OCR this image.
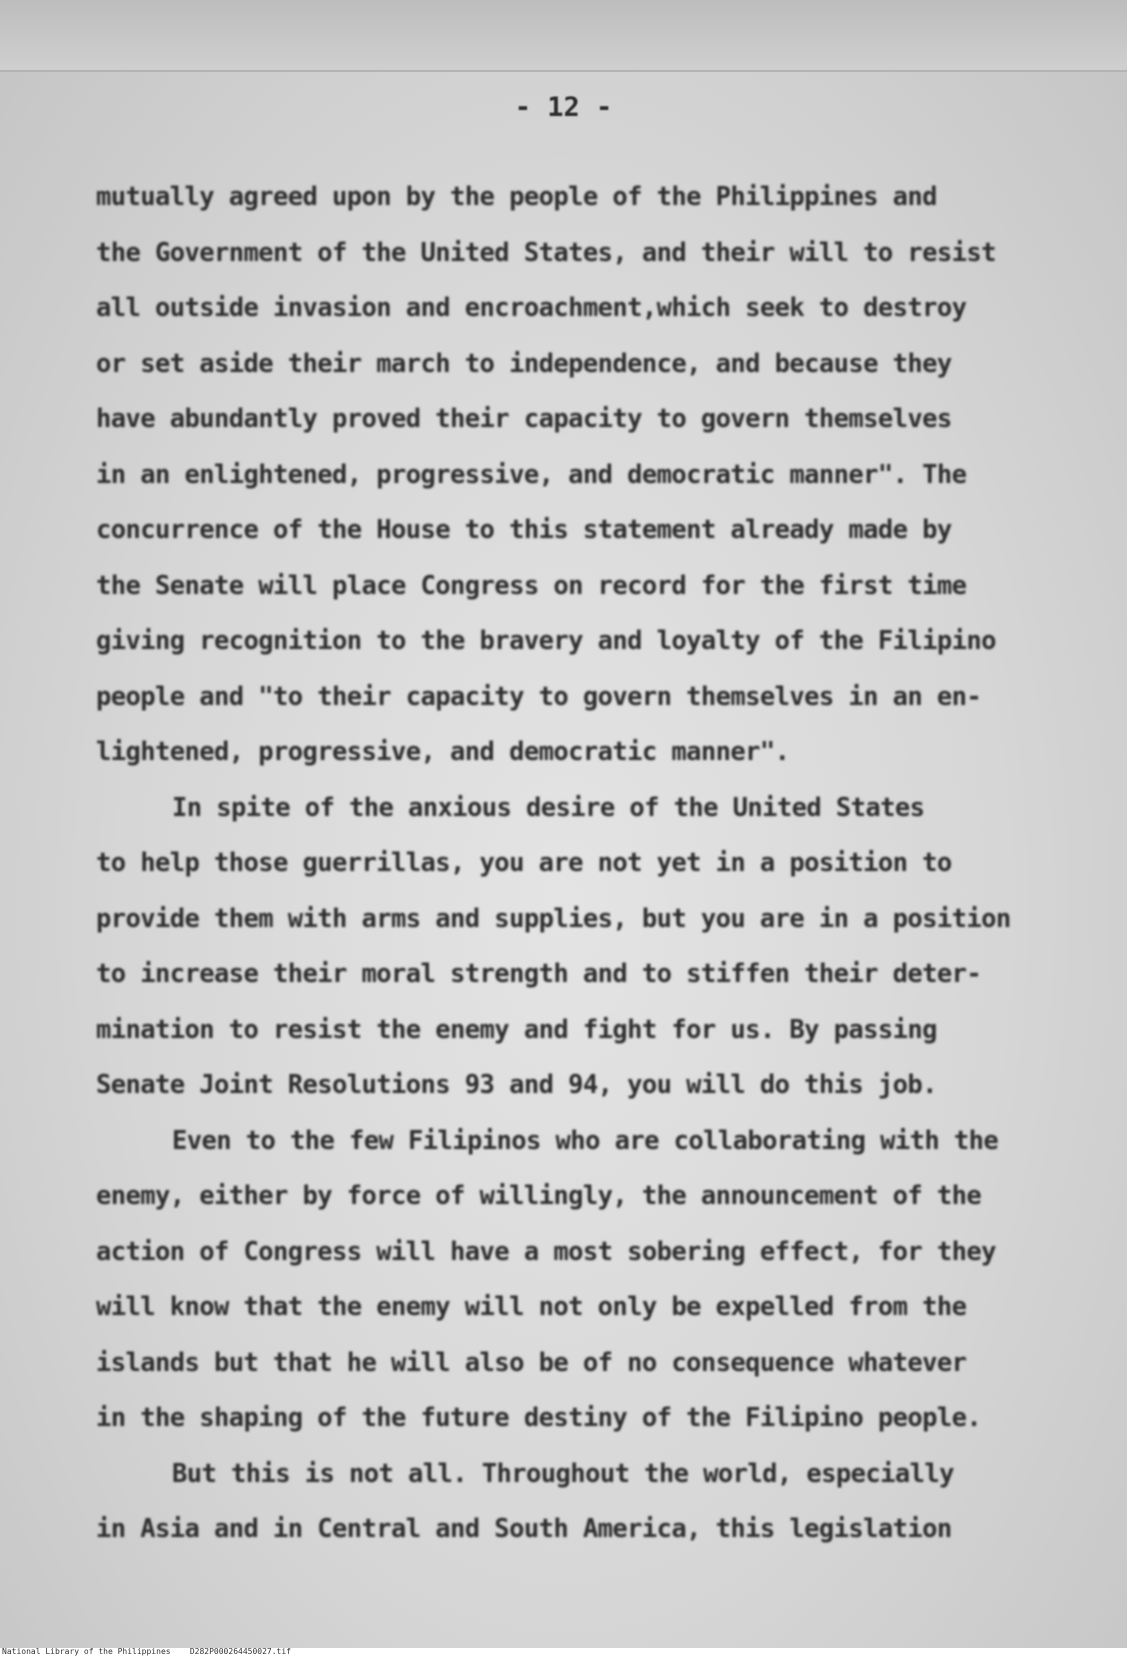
- 12 -
mutually agreed upon by the people of the Philippines and
the Government of the United States, and their will to resist
all outside invasion and encroachment,which seek to destroy
or set aside their march to independence, and because they
have abundantly proved their capacity to govern themselves
in an enlightened, progressive, and democratic manner". The
concurrence of the House to this statement already made by
the Senate will place Congress on record for the first time
giving recognition to the bravery and loyalty of the Filipino
people and "to their capacity to govern themselves in an en-
lightened, progressive, and democratic manner".
In spite of the anxious desire of the United States
to help those guerrillas, you are not yet in a position to
provide them with arms and supplies, but you are in a position
to increase their moral strength and to stiffen their deter-
mination to resist the enemy and fight for us. By passing
Senate Joint Resolutions 93 and 94, you will do this job.
Even to the few Filipinos who are collaborating with the
enemy, either by force of willingly, the announcement of the
action of Congress will have a most sobering effect, for they
will know that the enemy will not only be expelled from the
islands but that he will also be of no consequence whatever
in the shaping of the future destiny of the Filipino people.
But this is not all. Throughout the world, especially
in Asia and in Central and South America, this legislation
National Library of the Philippines D282P000264450027.tif
